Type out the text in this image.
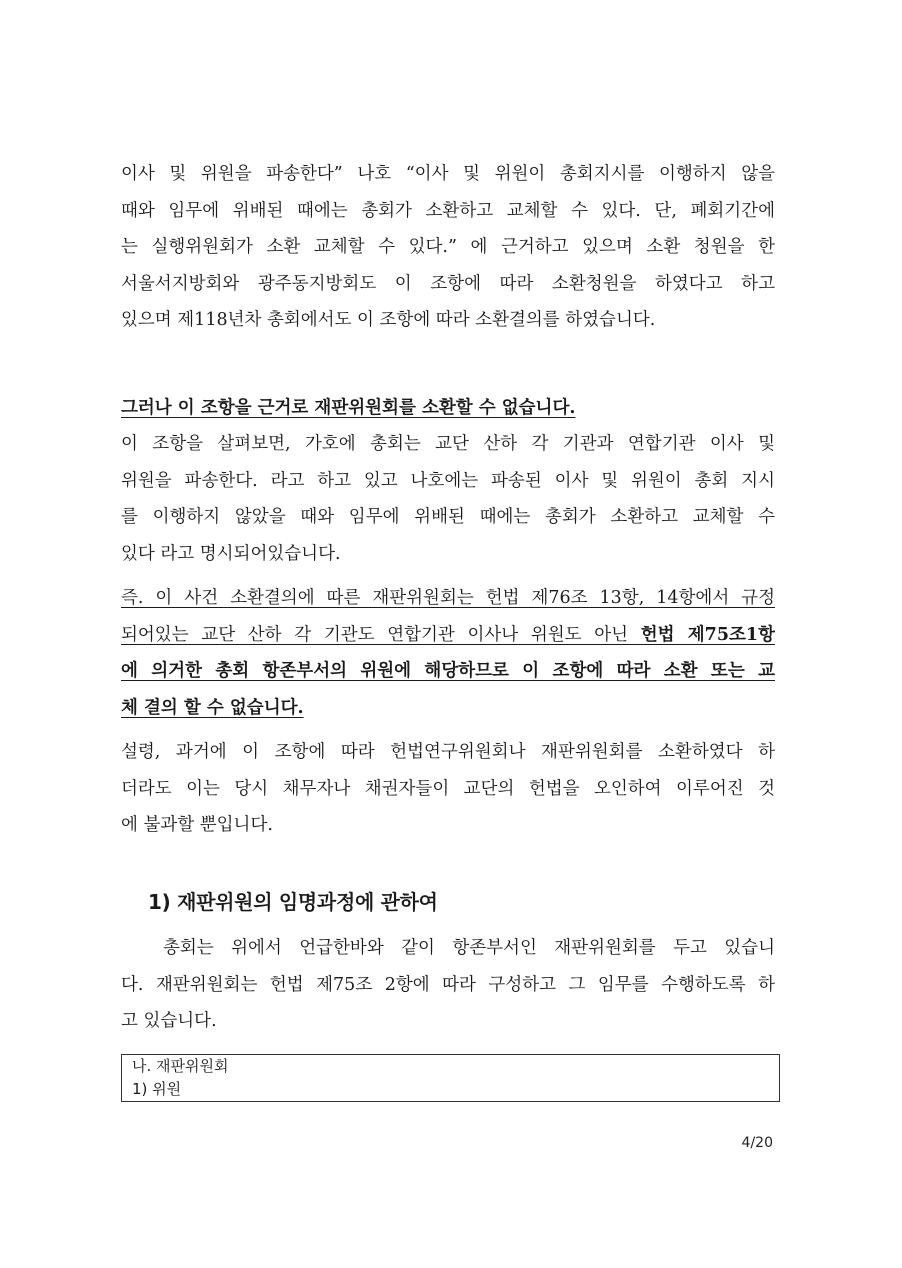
이사 및 위원을 파송한다” 나호 “이사 및 위원이 총회지시를 이행하지 않을
때와 임무에 위배된 때에는 총회가 소환하고 교체할 수 있다. 단, 폐회기간에
는 실행위원회가 소환 교체할 수 있다.” 에 근거하고 있으며 소환 청원을 한
서울서지방회와 광주동지방회도 이 조항에 따라 소환청원을 하였다고 하고
있으며 제118년차 총회에서도 이 조항에 따라 소환결의를 하였습니다.
그러나 이 조항을 근거로 재판위원회를 소환할 수 없습니다.
이 조항을 살펴보면, 가호에 총회는 교단 산하 각 기관과 연합기관 이사 및
위원을 파송한다. 라고 하고 있고 나호에는 파송된 이사 및 위원이 총회 지시
를 이행하지 않았을 때와 임무에 위배된 때에는 총회가 소환하고 교체할 수
있다 라고 명시되어있습니다.
즉. 이 사건 소환결의에 따른 재판위원회는 헌법 제76조 13항, 14항에서 규정
되어있는 교단 산하 각 기관도 연합기관 이사나 위원도 아닌 헌법 제75조1항
에 의거한 총회 항존부서의 위원에 해당하므로 이 조항에 따라 소환 또는 교
체 결의 할 수 없습니다.
설령, 과거에 이 조항에 따라 헌법연구위원회나 재판위원회를 소환하였다 하
더라도 이는 당시 채무자나 채권자들이 교단의 헌법을 오인하여 이루어진 것
에 불과할 뿐입니다.
1) 재판위원의 임명과정에 관하여
총회는 위에서 언급한바와 같이 항존부서인 재판위원회를 두고 있습니
다. 재판위원회는 헌법 제75조 2항에 따라 구성하고 그 임무를 수행하도록 하
고 있습니다.
나. 재판위원회
1) 위원
4/20
